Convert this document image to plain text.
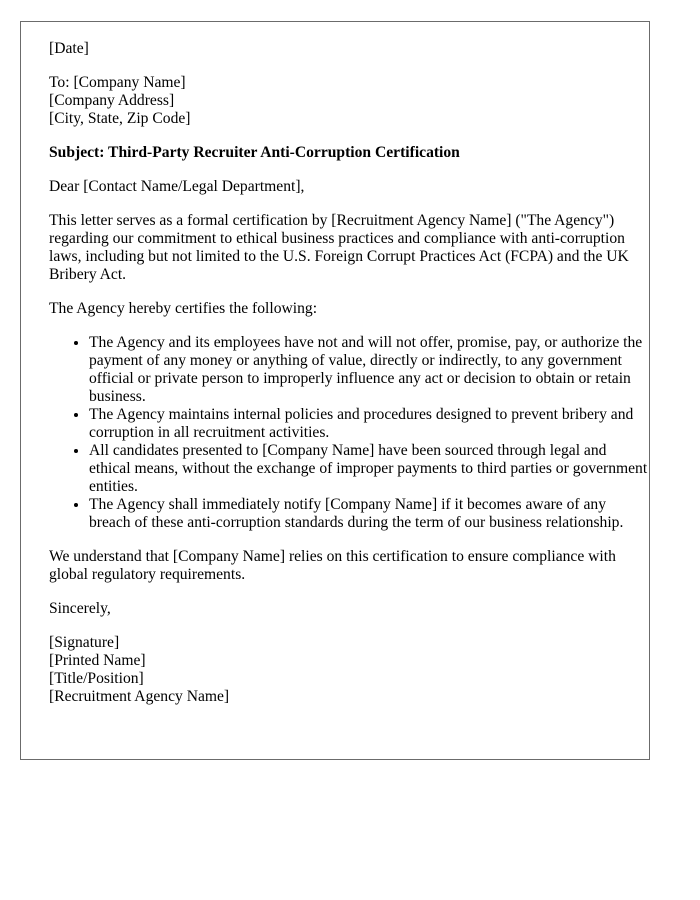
[Date]

To: [Company Name]
[Company Address]
[City, State, Zip Code]

Subject: Third-Party Recruiter Anti-Corruption Certification

Dear [Contact Name/Legal Department],

This letter serves as a formal certification by [Recruitment Agency Name] ("The Agency") regarding our commitment to ethical business practices and compliance with anti-corruption laws, including but not limited to the U.S. Foreign Corrupt Practices Act (FCPA) and the UK Bribery Act.

The Agency hereby certifies the following:

• The Agency and its employees have not and will not offer, promise, pay, or authorize the payment of any money or anything of value, directly or indirectly, to any government official or private person to improperly influence any act or decision to obtain or retain business.
• The Agency maintains internal policies and procedures designed to prevent bribery and corruption in all recruitment activities.
• All candidates presented to [Company Name] have been sourced through legal and ethical means, without the exchange of improper payments to third parties or government entities.
• The Agency shall immediately notify [Company Name] if it becomes aware of any breach of these anti-corruption standards during the term of our business relationship.

We understand that [Company Name] relies on this certification to ensure compliance with global regulatory requirements.

Sincerely,

[Signature]
[Printed Name]
[Title/Position]
[Recruitment Agency Name]
